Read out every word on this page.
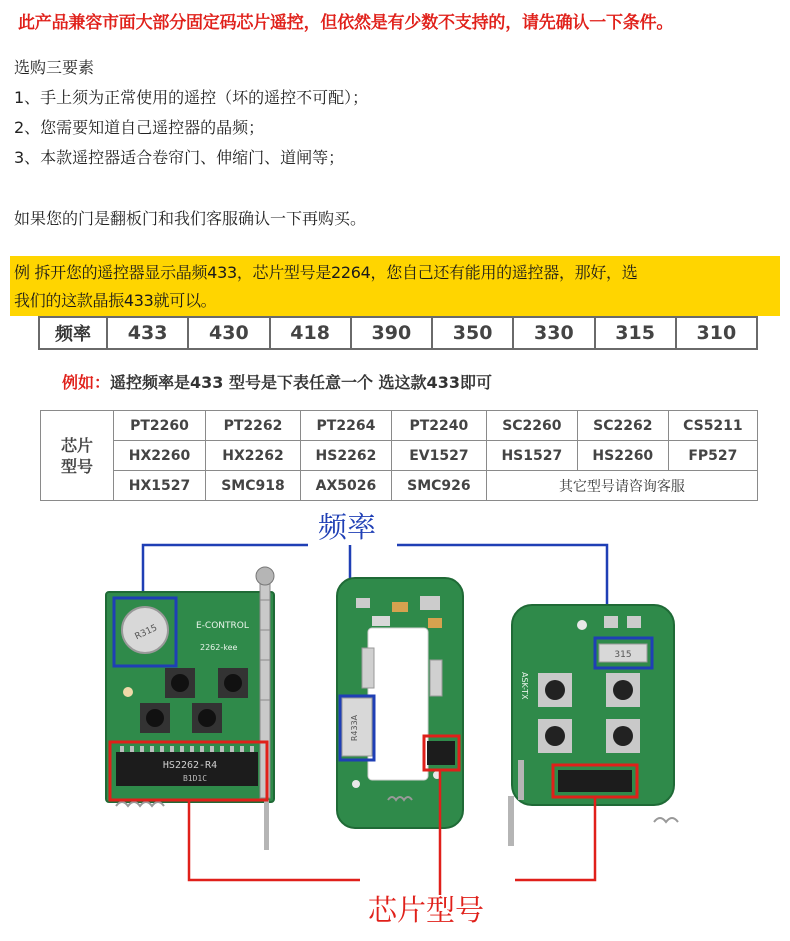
此产品兼容市面大部分固定码芯片遥控，但依然是有少数不支持的，请先确认一下条件。
选购三要素
1、手上须为正常使用的遥控（坏的遥控不可配）；
2、您需要知道自己遥控器的晶频；
3、本款遥控器适合卷帘门、伸缩门、道闸等；
如果您的门是翻板门和我们客服确认一下再购买。
例 拆开您的遥控器显示晶频433，芯片型号是2264，您自己还有能用的遥控器，那好，选
我们的这款晶振433就可以。
频率	433	430	418	390	350	330	315	310
例如：遥控频率是433 型号是下表任意一个 选这款433即可
芯片
型号	PT2260	PT2262	PT2264	PT2240	SC2260	SC2262	CS5211
	HX2260	HX2262	HS2262	EV1527	HS1527	HS2260	FP527
	HX1527	SMC918	AX5026	SMC926	其它型号请咨询客服		
R315	E-CONTROL
2262-kee
HS2262-R4
B1D1C
R433A
ASK-TX
315
频率
芯片型号
